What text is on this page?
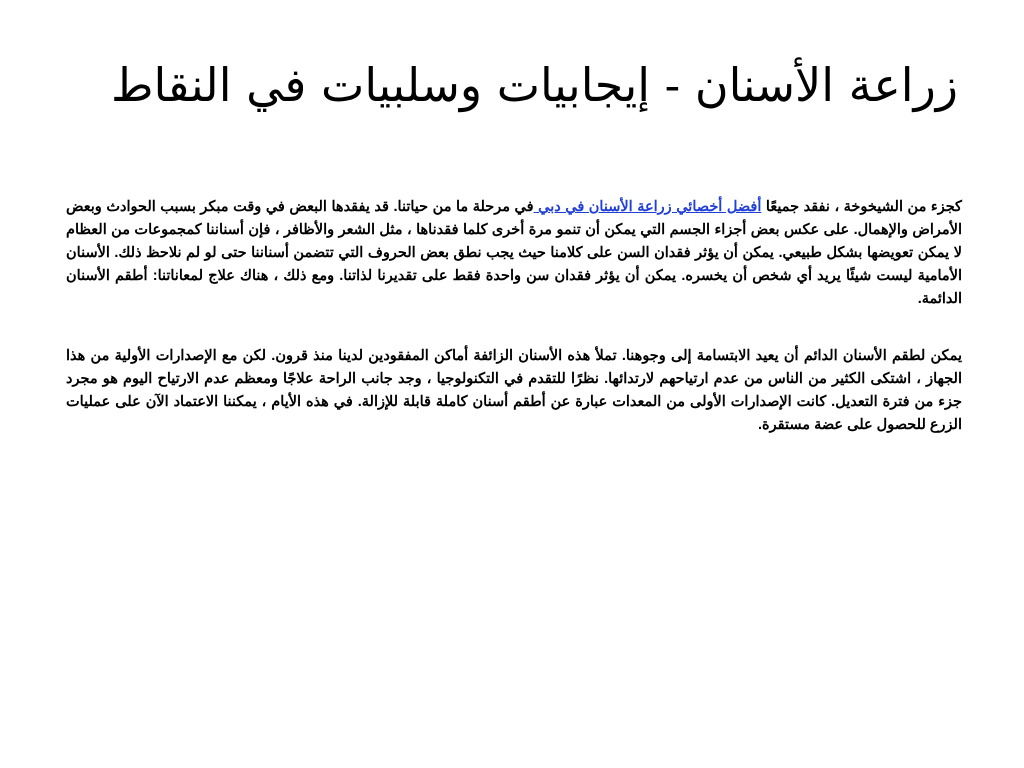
زراعة الأسنان - إيجابيات وسلبيات في النقاط

كجزء من الشيخوخة ، نفقد جميعًا أفضل أخصائي زراعة الأسنان في دبي في مرحلة ما من حياتنا. قد يفقدها البعض في وقت مبكر بسبب الحوادث وبعض الأمراض والإهمال. على عكس بعض أجزاء الجسم التي يمكن أن تنمو مرة أخرى كلما فقدناها ، مثل الشعر والأظافر ، فإن أسناننا كمجموعات من العظام لا يمكن تعويضها بشكل طبيعي. يمكن أن يؤثر فقدان السن على كلامنا حيث يجب نطق بعض الحروف التي تتضمن أسناننا حتى لو لم نلاحظ ذلك. الأسنان الأمامية ليست شيئًا يريد أي شخص أن يخسره. يمكن أن يؤثر فقدان سن واحدة فقط على تقديرنا لذاتنا. ومع ذلك ، هناك علاج لمعاناتنا: أطقم الأسنان الدائمة.

يمكن لطقم الأسنان الدائم أن يعيد الابتسامة إلى وجوهنا. تملأ هذه الأسنان الزائفة أماكن المفقودين لدينا منذ قرون. لكن مع الإصدارات الأولية من هذا الجهاز ، اشتكى الكثير من الناس من عدم ارتياحهم لارتدائها. نظرًا للتقدم في التكنولوجيا ، وجد جانب الراحة علاجًا ومعظم عدم الارتياح اليوم هو مجرد جزء من فترة التعديل. كانت الإصدارات الأولى من المعدات عبارة عن أطقم أسنان كاملة قابلة للإزالة. في هذه الأيام ، يمكننا الاعتماد الآن على عمليات الزرع للحصول على عضة مستقرة.
